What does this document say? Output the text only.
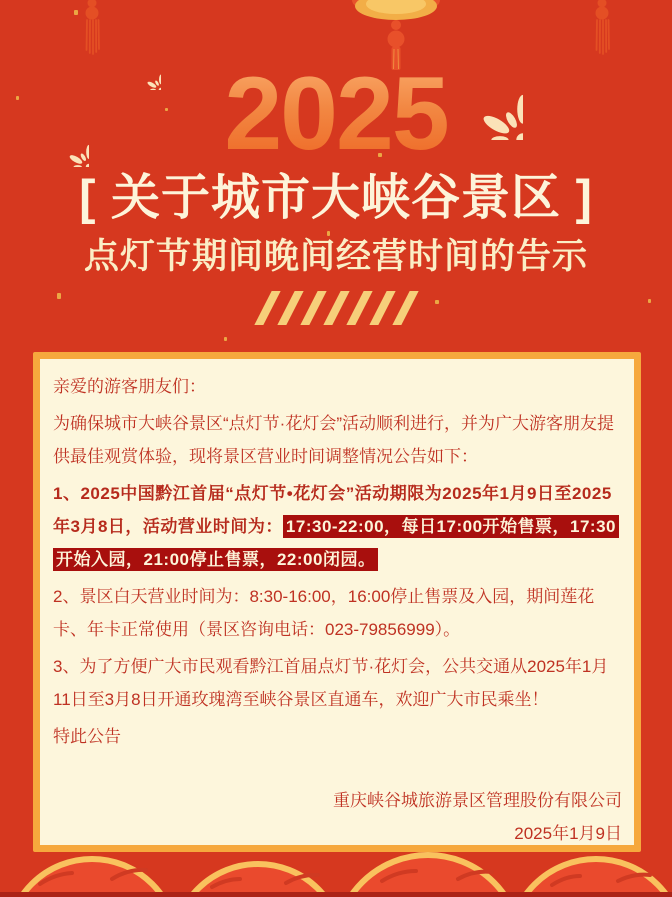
2025
[ 关于城市大峡谷景区 ]
点灯节期间晚间经营时间的告示

亲爱的游客朋友们：

为确保城市大峡谷景区“点灯节·花灯会”活动顺利进行，并为广大游客朋友提供最佳观赏体验，现将景区营业时间调整情况公告如下：

1、2025中国黔江首届“点灯节•花灯会”活动期限为2025年1月9日至2025年3月8日，活动营业时间为： 17:30-22:00，每日17:00开始售票，17:30开始入园，21:00停止售票，22:00闭园。

2、景区白天营业时间为：8:30-16:00，16:00停止售票及入园，期间莲花卡、年卡正常使用（景区咨询电话：023-79856999）。

3、为了方便广大市民观看黔江首届点灯节·花灯会，公共交通从2025年1月11日至3月8日开通玫瑰湾至峡谷景区直通车，欢迎广大市民乘坐！

特此公告

重庆峡谷城旅游景区管理股份有限公司
2025年1月9日
